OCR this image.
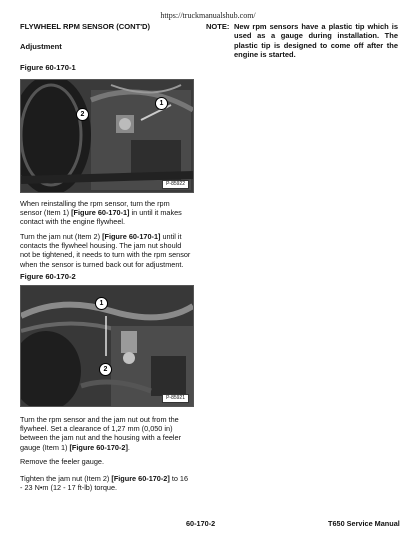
https://truckmanualshub.com/
FLYWHEEL RPM SENSOR (CONT'D)
Adjustment
Figure 60-170-1
1
2
P-85922

When reinstalling the rpm sensor, turn the rpm sensor (Item 1) [Figure 60-170-1] in until it makes contact with the engine flywheel.

Turn the jam nut (Item 2) [Figure 60-170-1] until it contacts the flywheel housing. The jam nut should not be tightened, it needs to turn with the rpm sensor when the sensor is turned back out for adjustment.

Figure 60-170-2
1
2
P-85921

Turn the rpm sensor and the jam nut out from the flywheel. Set a clearance of 1,27 mm (0,050 in) between the jam nut and the housing with a feeler gauge (Item 1) [Figure 60-170-2].

Remove the feeler gauge.

Tighten the jam nut (Item 2) [Figure 60-170-2] to 16 - 23 N•m (12 - 17 ft-lb) torque.

NOTE: New rpm sensors have a plastic tip which is used as a gauge during installation. The plastic tip is designed to come off after the engine is started.
60-170-2	T650 Service Manual
